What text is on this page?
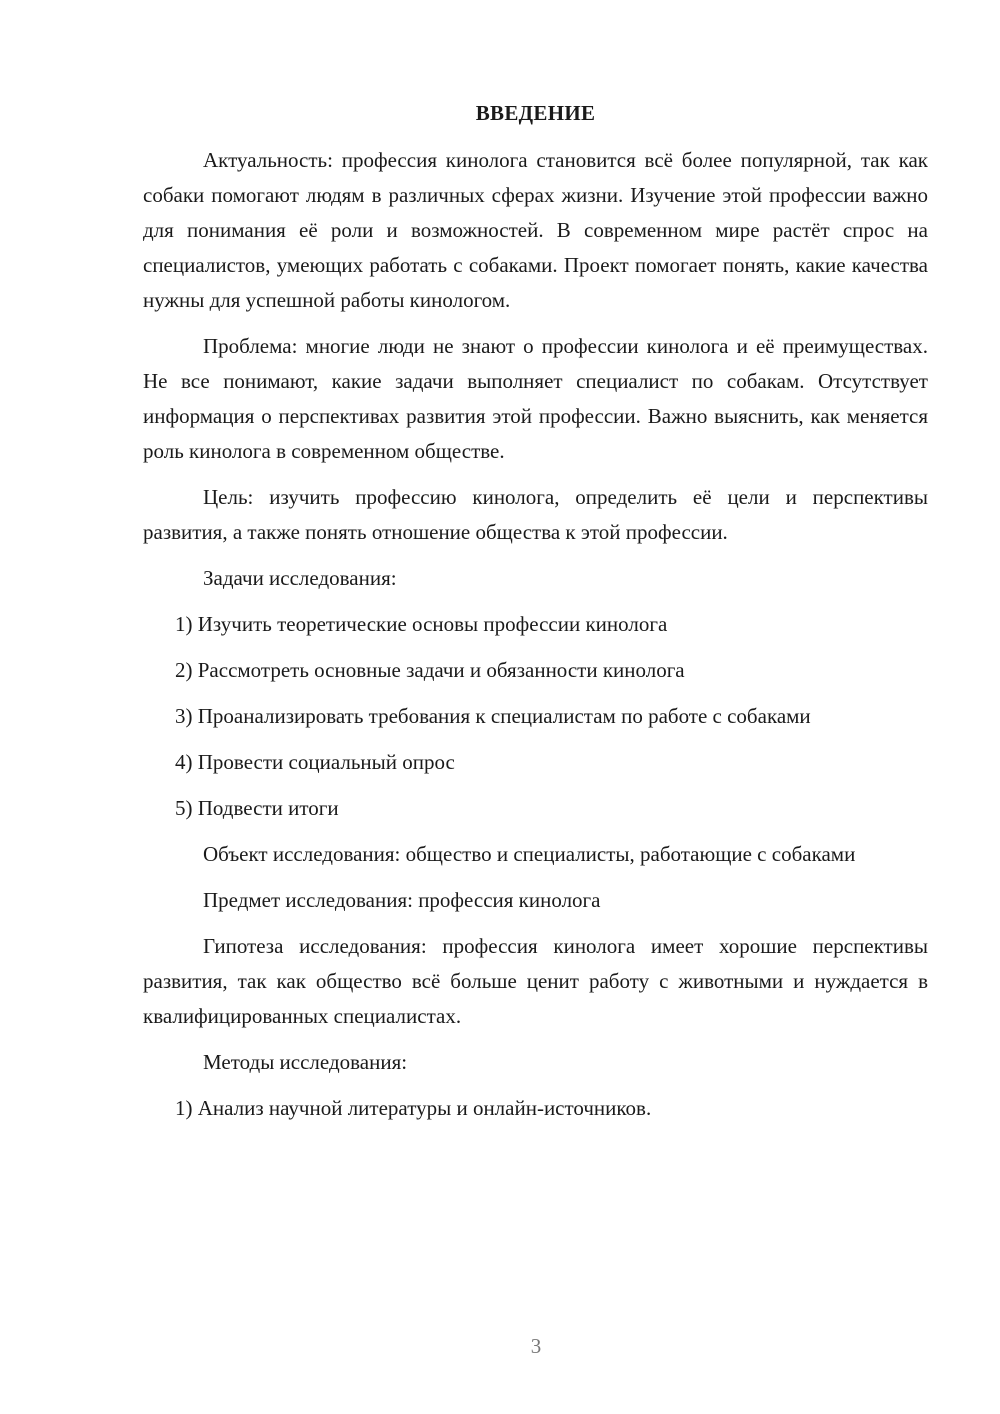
ВВЕДЕНИЕ

Актуальность: профессия кинолога становится всё более популярной, так как собаки помогают людям в различных сферах жизни. Изучение этой профессии важно для понимания её роли и возможностей. В современном мире растёт спрос на специалистов, умеющих работать с собаками. Проект помогает понять, какие качества нужны для успешной работы кинологом.

Проблема: многие люди не знают о профессии кинолога и её преимуществах. Не все понимают, какие задачи выполняет специалист по собакам. Отсутствует информация о перспективах развития этой профессии. Важно выяснить, как меняется роль кинолога в современном обществе.

Цель: изучить профессию кинолога, определить её цели и перспективы развития, а также понять отношение общества к этой профессии.

Задачи исследования:

1) Изучить теоретические основы профессии кинолога

2) Рассмотреть основные задачи и обязанности кинолога

3) Проанализировать требования к специалистам по работе с собаками

4) Провести социальный опрос

5) Подвести итоги

Объект исследования: общество и специалисты, работающие с собаками

Предмет исследования: профессия кинолога

Гипотеза исследования: профессия кинолога имеет хорошие перспективы развития, так как общество всё больше ценит работу с животными и нуждается в квалифицированных специалистах.

Методы исследования:

1) Анализ научной литературы и онлайн-источников.

3
